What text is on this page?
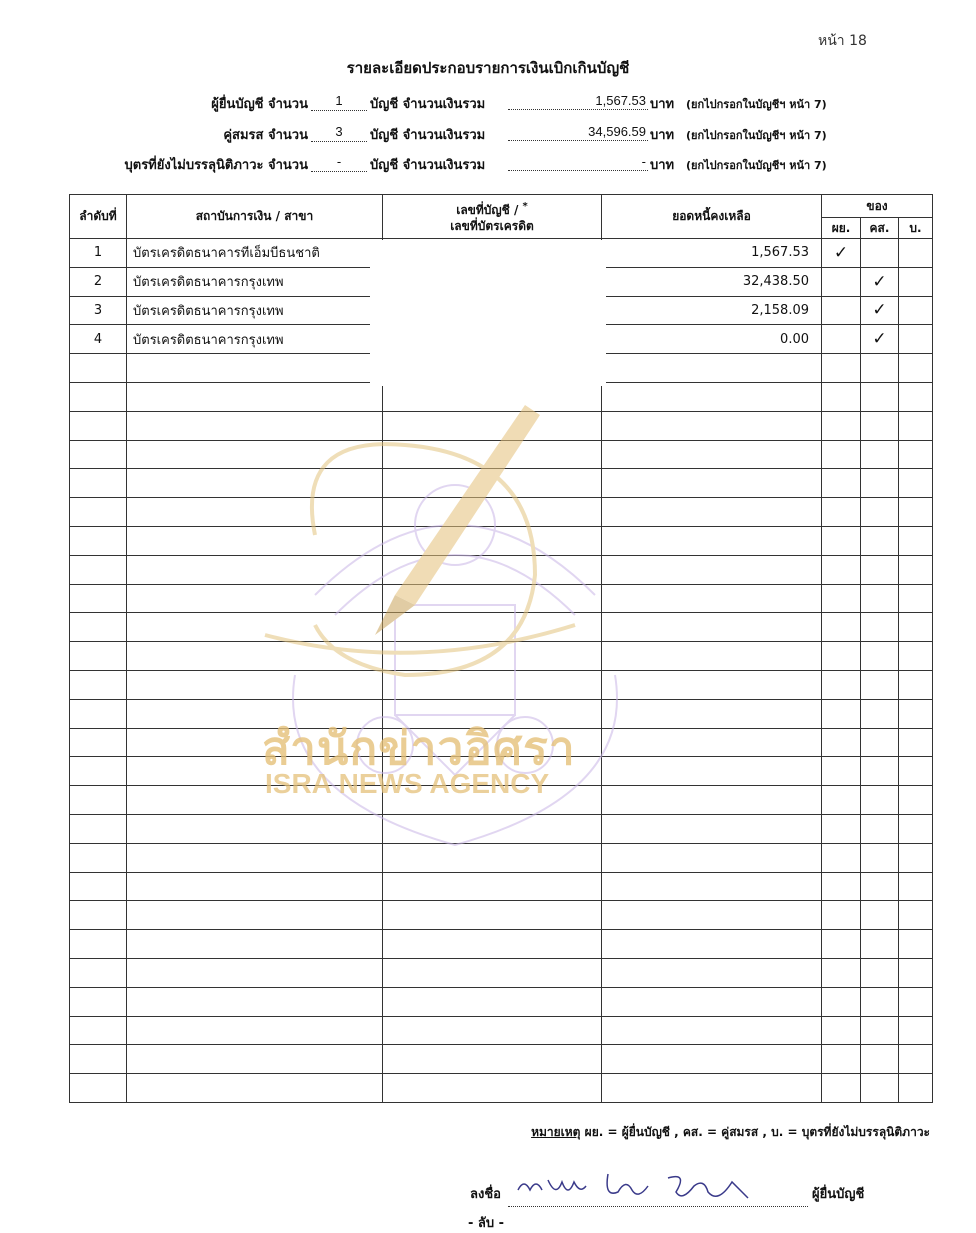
หน้า 18
รายละเอียดประกอบรายการเงินเบิกเกินบัญชี
ผู้ยื่นบัญชี จำนวน	1	บัญชี จำนวนเงินรวม	1,567.53 บาท (ยกไปกรอกในบัญชีฯ หน้า 7)
คู่สมรส จำนวน	3	บัญชี จำนวนเงินรวม	34,596.59 บาท (ยกไปกรอกในบัญชีฯ หน้า 7)
บุตรที่ยังไม่บรรลุนิติภาวะ จำนวน	-	บัญชี จำนวนเงินรวม	- บาท (ยกไปกรอกในบัญชีฯ หน้า 7)
ลำดับที่	สถาบันการเงิน / สาขา	เลขที่บัญชี / *
เลขที่บัตรเครดิต	ยอดหนี้คงเหลือ	ของ		
				ผย.	คส.	บ.
1	บัตรเครดิตธนาคารทีเอ็มบีธนชาติ		1,567.53	✓		
2	บัตรเครดิตธนาคารกรุงเทพ		32,438.50		✓	
3	บัตรเครดิตธนาคารกรุงเทพ		2,158.09		✓	
4	บัตรเครดิตธนาคารกรุงเทพ		0.00		✓	

สำนักข่าวอิศรา
ISRA NEWS AGENCY
หมายเหตุ ผย. = ผู้ยื่นบัญชี , คส. = คู่สมรส , บ. = บุตรที่ยังไม่บรรลุนิติภาวะ
ลงชื่อ	ผู้ยื่นบัญชี
- ลับ -
